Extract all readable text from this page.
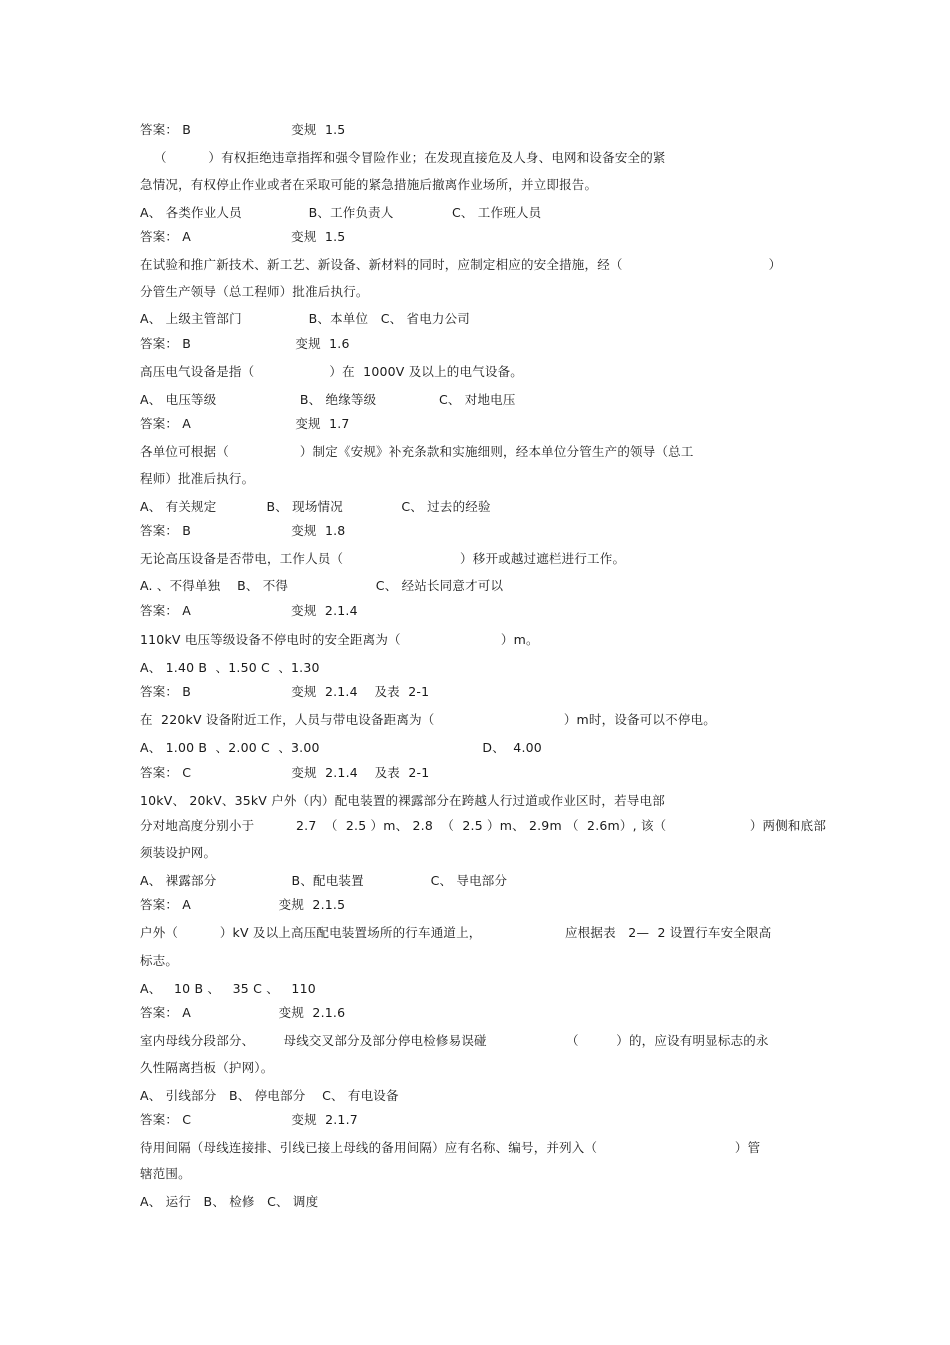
答案： B                        变规  1.5
（          ）有权拒绝违章指挥和强令冒险作业；在发现直接危及人身、电网和设备安全的紧
急情况，有权停止作业或者在采取可能的紧急措施后撤离作业场所，并立即报告。
A、 各类作业人员                B、工作负责人              C、 工作班人员
答案： A                        变规  1.5
在试验和推广新技术、新工艺、新设备、新材料的同时，应制定相应的安全措施，经（                                   ）
分管生产领导（总工程师）批准后执行。
A、 上级主管部门                B、本单位   C、 省电力公司
答案： B                         变规  1.6
高压电气设备是指（                  ）在  1000V 及以上的电气设备。
A、 电压等级                    B、 绝缘等级               C、 对地电压
答案： A                         变规  1.7
各单位可根据（                 ）制定《安规》补充条款和实施细则，经本单位分管生产的领导（总工
程师）批准后执行。
A、 有关规定            B、 现场情况              C、 过去的经验
答案： B                        变规  1.8
无论高压设备是否带电，工作人员（                            ）移开或越过遮栏进行工作。
A. 、不得单独    B、 不得                     C、 经站长同意才可以
答案： A                        变规  2.1.4
110kV 电压等级设备不停电时的安全距离为（                        ）m。
A、 1.40 B  、1.50 C  、1.30
答案： B                        变规  2.1.4    及表  2-1
在  220kV 设备附近工作，人员与带电设备距离为（                               ）m时，设备可以不停电。
A、 1.00 B  、2.00 C  、3.00                                       D、  4.00
答案： C                        变规  2.1.4    及表  2-1
10kV、 20kV、35kV 户外（内）配电装置的裸露部分在跨越人行过道或作业区时，若导电部
分对地高度分别小于          2.7  （  2.5 ）m、 2.8  （  2.5 ）m、 2.9m （  2.6m）, 该（                    ）两侧和底部
须装设护网。
A、 裸露部分                  B、配电装置                C、 导电部分
答案： A                     变规  2.1.5
户外（          ）kV 及以上高压配电装置场所的行车通道上，                    应根据表   2—  2 设置行车安全限高
标志。
A、   10 B 、   35 C 、   110
答案： A                     变规  2.1.6
室内母线分段部分、       母线交叉部分及部分停电检修易误碰                   （         ）的，应设有明显标志的永
久性隔离挡板（护网）。
A、 引线部分   B、 停电部分    C、 有电设备
答案： C                        变规  2.1.7
待用间隔（母线连接排、引线已接上母线的备用间隔）应有名称、编号，并列入（                                 ）管
辖范围。
A、 运行   B、 检修   C、 调度
